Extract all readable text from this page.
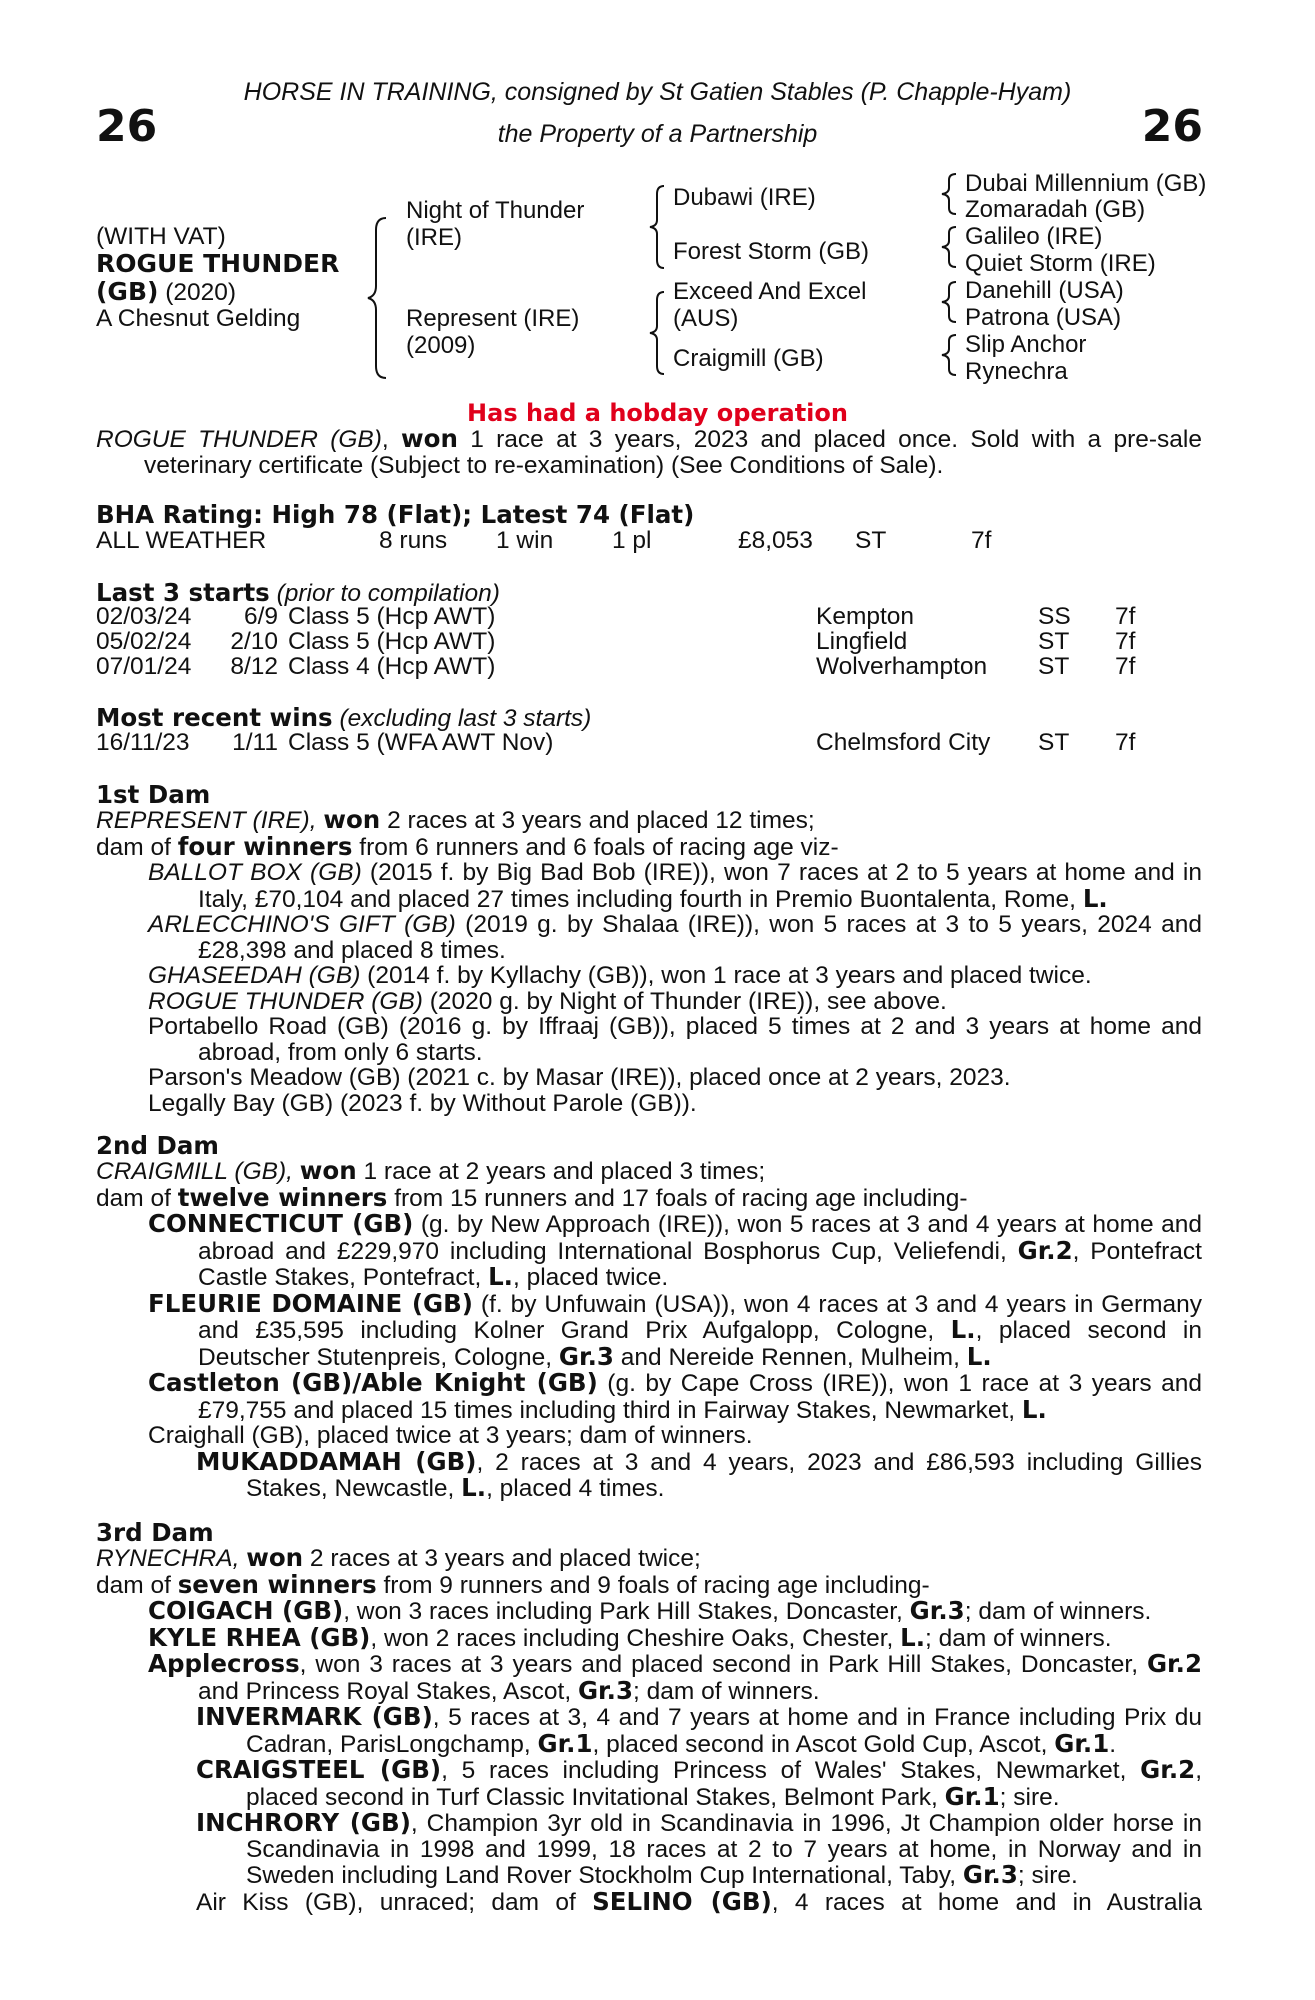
HORSE IN TRAINING, consigned by St Gatien Stables (P. Chapple-Hyam)
26	26
the Property of a Partnership
(WITH VAT)
ROGUE THUNDER
(GB) (2020)
A Chesnut Gelding
Night of Thunder
(IRE)
Represent (IRE)
(2009)
Dubawi (IRE)
Forest Storm (GB)
Exceed And Excel
(AUS)
Craigmill (GB)
Dubai Millennium (GB)
Zomaradah (GB)
Galileo (IRE)
Quiet Storm (IRE)
Danehill (USA)
Patrona (USA)
Slip Anchor
Rynechra
Has had a hobday operation

ROGUE THUNDER (GB), won 1 race at 3 years, 2023 and placed once. Sold with a pre-sale

veterinary certificate (Subject to re-examination) (See Conditions of Sale).

BHA Rating: High 78 (Flat); Latest 74 (Flat)
ALL WEATHER	8 runs 1 win 1 pl	£8,053 ST	7f
Last 3 starts (prior to compilation)
02/03/24	6/9 Class 5 (Hcp AWT)	Kempton	SS 7f
05/02/24	2/10 Class 5 (Hcp AWT)	Lingfield	ST 7f
07/01/24	8/12 Class 4 (Hcp AWT)	Wolverhampton ST 7f
Most recent wins (excluding last 3 starts)
16/11/23	1/11 Class 5 (WFA AWT Nov)	Chelmsford City ST 7f
1st Dam

REPRESENT (IRE), won 2 races at 3 years and placed 12 times;

dam of four winners from 6 runners and 6 foals of racing age viz-

BALLOT BOX (GB) (2015 f. by Big Bad Bob (IRE)), won 7 races at 2 to 5 years at home and in Italy, £70,104 and placed 27 times including fourth in Premio Buontalenta, Rome, L.

ARLECCHINO'S GIFT (GB) (2019 g. by Shalaa (IRE)), won 5 races at 3 to 5 years, 2024 and £28,398 and placed 8 times.

GHASEEDAH (GB) (2014 f. by Kyllachy (GB)), won 1 race at 3 years and placed twice.

ROGUE THUNDER (GB) (2020 g. by Night of Thunder (IRE)), see above.

Portabello Road (GB) (2016 g. by Iffraaj (GB)), placed 5 times at 2 and 3 years at home and abroad, from only 6 starts.

Parson's Meadow (GB) (2021 c. by Masar (IRE)), placed once at 2 years, 2023.

Legally Bay (GB) (2023 f. by Without Parole (GB)).

2nd Dam

CRAIGMILL (GB), won 1 race at 2 years and placed 3 times;

dam of twelve winners from 15 runners and 17 foals of racing age including-

CONNECTICUT (GB) (g. by New Approach (IRE)), won 5 races at 3 and 4 years at home and abroad and £229,970 including International Bosphorus Cup, Veliefendi, Gr.2, Pontefract Castle Stakes, Pontefract, L., placed twice.

FLEURIE DOMAINE (GB) (f. by Unfuwain (USA)), won 4 races at 3 and 4 years in Germany and £35,595 including Kolner Grand Prix Aufgalopp, Cologne, L., placed second in Deutscher Stutenpreis, Cologne, Gr.3 and Nereide Rennen, Mulheim, L.

Castleton (GB)/Able Knight (GB) (g. by Cape Cross (IRE)), won 1 race at 3 years and £79,755 and placed 15 times including third in Fairway Stakes, Newmarket, L.

Craighall (GB), placed twice at 3 years; dam of winners.

MUKADDAMAH (GB), 2 races at 3 and 4 years, 2023 and £86,593 including Gillies Stakes, Newcastle, L., placed 4 times.

3rd Dam

RYNECHRA, won 2 races at 3 years and placed twice;

dam of seven winners from 9 runners and 9 foals of racing age including-

COIGACH (GB), won 3 races including Park Hill Stakes, Doncaster, Gr.3; dam of winners.

KYLE RHEA (GB), won 2 races including Cheshire Oaks, Chester, L.; dam of winners.

Applecross, won 3 races at 3 years and placed second in Park Hill Stakes, Doncaster, Gr.2 and Princess Royal Stakes, Ascot, Gr.3; dam of winners.

INVERMARK (GB), 5 races at 3, 4 and 7 years at home and in France including Prix du Cadran, ParisLongchamp, Gr.1, placed second in Ascot Gold Cup, Ascot, Gr.1.

CRAIGSTEEL (GB), 5 races including Princess of Wales' Stakes, Newmarket, Gr.2, placed second in Turf Classic Invitational Stakes, Belmont Park, Gr.1; sire.

INCHRORY (GB), Champion 3yr old in Scandinavia in 1996, Jt Champion older horse in Scandinavia in 1998 and 1999, 18 races at 2 to 7 years at home, in Norway and in Sweden including Land Rover Stockholm Cup International, Taby, Gr.3; sire.

Air Kiss (GB), unraced; dam of SELINO (GB), 4 races at home and in Australia
